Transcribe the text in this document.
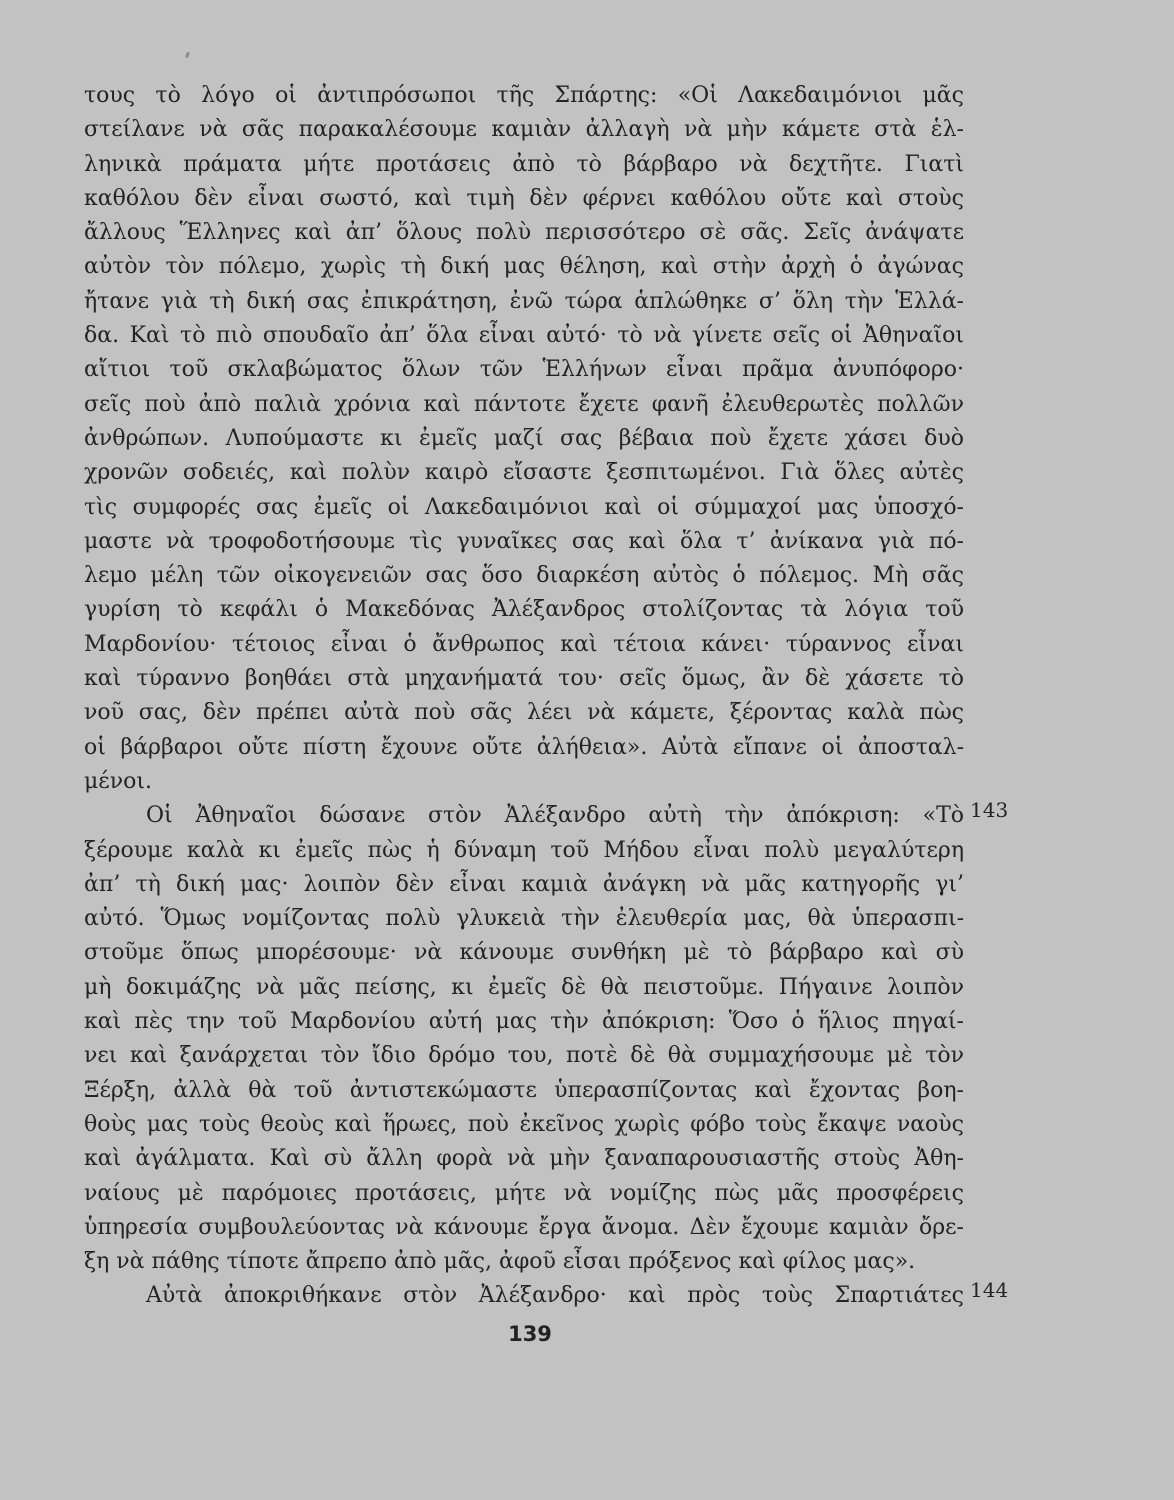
τους τὸ λόγο οἱ ἀντιπρόσωποι τῆς Σπάρτης: «Οἱ Λακεδαιμόνιοι μᾶς
στείλανε νὰ σᾶς παρακαλέσουμε καμιὰν ἀλλαγὴ νὰ μὴν κάμετε στὰ ἑλ-
ληνικὰ πράματα μήτε προτάσεις ἀπὸ τὸ βάρβαρο νὰ δεχτῆτε. Γιατὶ
καθόλου δὲν εἶναι σωστό, καὶ τιμὴ δὲν φέρνει καθόλου οὔτε καὶ στοὺς
ἄλλους Ἕλληνες καὶ ἀπ’ ὅλους πολὺ περισσότερο σὲ σᾶς. Σεῖς ἀνάψατε
αὐτὸν τὸν πόλεμο, χωρὶς τὴ δική μας θέληση, καὶ στὴν ἀρχὴ ὁ ἀγώνας
ἤτανε γιὰ τὴ δική σας ἐπικράτηση, ἐνῶ τώρα ἁπλώθηκε σ’ ὅλη τὴν Ἑλλά-
δα. Καὶ τὸ πιὸ σπουδαῖο ἀπ’ ὅλα εἶναι αὐτό· τὸ νὰ γίνετε σεῖς οἱ Ἀθηναῖοι
αἴτιοι τοῦ σκλαβώματος ὅλων τῶν Ἑλλήνων εἶναι πρᾶμα ἀνυπόφορο·
σεῖς ποὺ ἀπὸ παλιὰ χρόνια καὶ πάντοτε ἔχετε φανῆ ἐλευθερωτὲς πολλῶν
ἀνθρώπων. Λυπούμαστε κι ἐμεῖς μαζί σας βέβαια ποὺ ἔχετε χάσει δυὸ
χρονῶν σοδειές, καὶ πολὺν καιρὸ εἴσαστε ξεσπιτωμένοι. Γιὰ ὅλες αὐτὲς
τὶς συμφορές σας ἐμεῖς οἱ Λακεδαιμόνιοι καὶ οἱ σύμμαχοί μας ὑποσχό-
μαστε νὰ τροφοδοτήσουμε τὶς γυναῖκες σας καὶ ὅλα τ’ ἀνίκανα γιὰ πό-
λεμο μέλη τῶν οἰκογενειῶν σας ὅσο διαρκέση αὐτὸς ὁ πόλεμος. Μὴ σᾶς
γυρίση τὸ κεφάλι ὁ Μακεδόνας Ἀλέξανδρος στολίζοντας τὰ λόγια τοῦ
Μαρδονίου· τέτοιος εἶναι ὁ ἄνθρωπος καὶ τέτοια κάνει· τύραννος εἶναι
καὶ τύραννο βοηθάει στὰ μηχανήματά του· σεῖς ὅμως, ἂν δὲ χάσετε τὸ
νοῦ σας, δὲν πρέπει αὐτὰ ποὺ σᾶς λέει νὰ κάμετε, ξέροντας καλὰ πὼς
οἱ βάρβαροι οὔτε πίστη ἔχουνε οὔτε ἀλήθεια». Αὐτὰ εἴπανε οἱ ἀποσταλ-
μένοι.
Οἱ Ἀθηναῖοι δώσανε στὸν Ἀλέξανδρο αὐτὴ τὴν ἀπόκριση: «Τὸ
ξέρουμε καλὰ κι ἐμεῖς πὼς ἡ δύναμη τοῦ Μήδου εἶναι πολὺ μεγαλύτερη
ἀπ’ τὴ δική μας· λοιπὸν δὲν εἶναι καμιὰ ἀνάγκη νὰ μᾶς κατηγορῆς γι’
αὐτό. Ὅμως νομίζοντας πολὺ γλυκειὰ τὴν ἐλευθερία μας, θὰ ὑπερασπι-
στοῦμε ὅπως μπορέσουμε· νὰ κάνουμε συνθήκη μὲ τὸ βάρβαρο καὶ σὺ
μὴ δοκιμάζης νὰ μᾶς πείσης, κι ἐμεῖς δὲ θὰ πειστοῦμε. Πήγαινε λοιπὸν
καὶ πὲς την τοῦ Μαρδονίου αὐτή μας τὴν ἀπόκριση: Ὅσο ὁ ἥλιος πηγαί-
νει καὶ ξανάρχεται τὸν ἴδιο δρόμο του, ποτὲ δὲ θὰ συμμαχήσουμε μὲ τὸν
Ξέρξη, ἀλλὰ θὰ τοῦ ἀντιστεκώμαστε ὑπερασπίζοντας καὶ ἔχοντας βοη-
θοὺς μας τοὺς θεοὺς καὶ ἥρωες, ποὺ ἐκεῖνος χωρὶς φόβο τοὺς ἔκαψε ναοὺς
καὶ ἀγάλματα. Καὶ σὺ ἄλλη φορὰ νὰ μὴν ξαναπαρουσιαστῆς στοὺς Ἀθη-
ναίους μὲ παρόμοιες προτάσεις, μήτε νὰ νομίζης πὼς μᾶς προσφέρεις
ὑπηρεσία συμβουλεύοντας νὰ κάνουμε ἔργα ἄνομα. Δὲν ἔχουμε καμιὰν ὄρε-
ξη νὰ πάθης τίποτε ἄπρεπο ἀπὸ μᾶς, ἀφοῦ εἶσαι πρόξενος καὶ φίλος μας».
Αὐτὰ ἀποκριθήκανε στὸν Ἀλέξανδρο· καὶ πρὸς τοὺς Σπαρτιάτες
143
144
139
